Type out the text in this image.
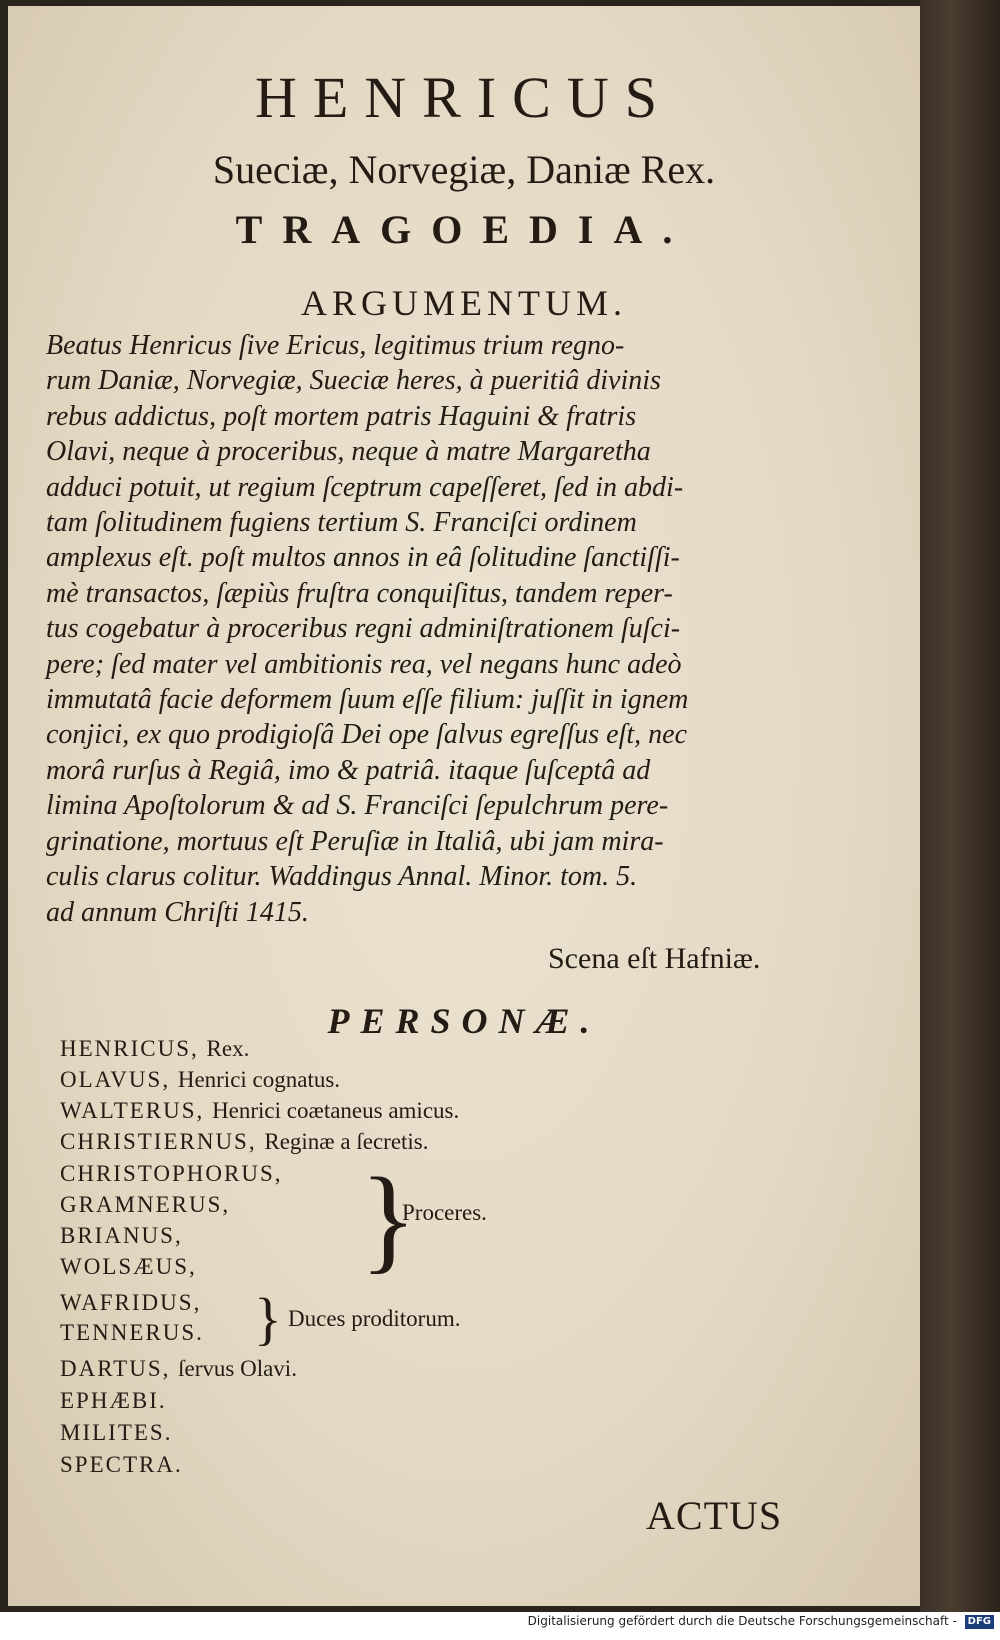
HENRICUS
Sueciæ, Norvegiæ, Daniæ Rex.
TRAGOEDIA.
ARGUMENTUM.
Beatus Henricus ſive Ericus, legitimus trium regno-
rum Daniæ, Norvegiæ, Sueciæ heres, à pueritiâ divinis
rebus addictus, poſt mortem patris Haguini & fratris
Olavi, neque à proceribus, neque à matre Margaretha
adduci potuit, ut regium ſceptrum capeſſeret, ſed in abdi-
tam ſolitudinem fugiens tertium S. Franciſci ordinem
amplexus eſt. poſt multos annos in eâ ſolitudine ſanctiſſi-
mè transactos, ſæpiùs fruſtra conquiſitus, tandem reper-
tus cogebatur à proceribus regni adminiſtrationem ſuſci-
pere; ſed mater vel ambitionis rea, vel negans hunc adeò
immutatâ facie deformem ſuum eſſe filium: juſſit in ignem
conjici, ex quo prodigioſâ Dei ope ſalvus egreſſus eſt, nec
morâ rurſus à Regiâ, imo & patriâ. itaque ſuſceptâ ad
limina Apoſtolorum & ad S. Franciſci ſepulchrum pere-
grinatione, mortuus eſt Peruſiæ in Italiâ, ubi jam mira-
culis clarus colitur. Waddingus Annal. Minor. tom. 5.
ad annum Chriſti 1415.
Scena eſt Hafniæ.
PERSONÆ.
HENRICUS, Rex.
OLAVUS, Henrici cognatus.
WALTERUS, Henrici coætaneus amicus.
CHRISTIERNUS, Reginæ a ſecretis.
CHRISTOPHORUS,
GRAMNERUS,
BRIANUS,
WOLSÆUS, }
Proceres.
WAFRIDUS,
TENNERUS. } Duces proditorum.
DARTUS, ſervus Olavi.
EPHÆBI.
MILITES.
SPECTRA.
ACTUS
Digitalisierung gefördert durch die Deutsche Forschungsgemeinschaft - DFG
